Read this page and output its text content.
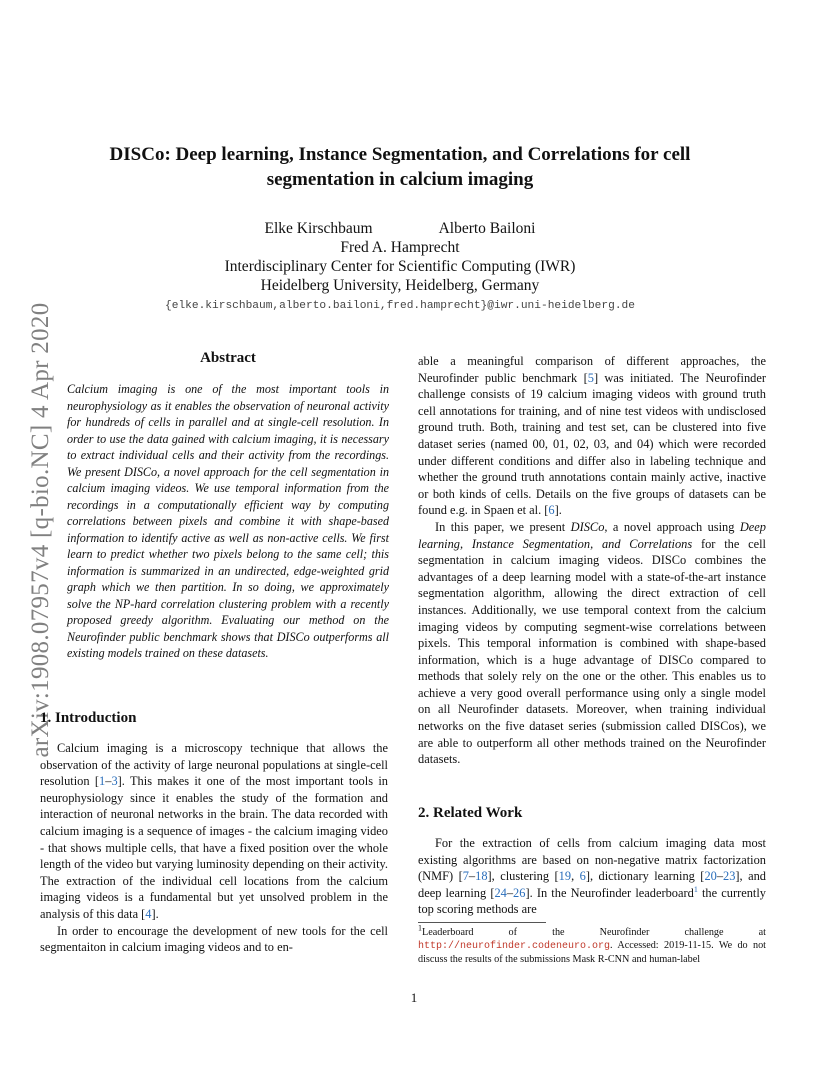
arXiv:1908.07957v4 [q-bio.NC] 4 Apr 2020
DISCo: Deep learning, Instance Segmentation, and Correlations for cell
segmentation in calcium imaging
Elke Kirschbaum	Alberto Bailoni
Fred A. Hamprecht
Interdisciplinary Center for Scientific Computing (IWR)
Heidelberg University, Heidelberg, Germany
{elke.kirschbaum,alberto.bailoni,fred.hamprecht}@iwr.uni-heidelberg.de
Abstract

Calcium imaging is one of the most important tools in neurophysiology as it enables the observation of neuronal activity for hundreds of cells in parallel and at single-cell resolution. In order to use the data gained with calcium imaging, it is necessary to extract individual cells and their activity from the recordings. We present DISCo, a novel approach for the cell segmentation in calcium imaging videos. We use temporal information from the recordings in a computationally efficient way by computing correlations between pixels and combine it with shape-based information to identify active as well as non-active cells. We first learn to predict whether two pixels belong to the same cell; this information is summarized in an undirected, edge-weighted grid graph which we then partition. In so doing, we approximately solve the NP-hard correlation clustering problem with a recently proposed greedy algorithm. Evaluating our method on the Neurofinder public benchmark shows that DISCo outperforms all existing models trained on these datasets.

1. Introduction

Calcium imaging is a microscopy technique that allows the observation of the activity of large neuronal populations at single-cell resolution [1–3]. This makes it one of the most important tools in neurophysiology since it enables the study of the formation and interaction of neuronal networks in the brain. The data recorded with calcium imaging is a sequence of images - the calcium imaging video - that shows multiple cells, that have a fixed position over the whole length of the video but varying luminosity depending on their activity. The extraction of the individual cell locations from the calcium imaging videos is a fundamental but yet unsolved problem in the analysis of this data [4].

In order to encourage the development of new tools for the cell segmentaiton in calcium imaging videos and to en-

able a meaningful comparison of different approaches, the Neurofinder public benchmark [5] was initiated. The Neurofinder challenge consists of 19 calcium imaging videos with ground truth cell annotations for training, and of nine test videos with undisclosed ground truth. Both, training and test set, can be clustered into five dataset series (named 00, 01, 02, 03, and 04) which were recorded under different conditions and differ also in labeling technique and whether the ground truth annotations contain mainly active, inactive or both kinds of cells. Details on the five groups of datasets can be found e.g. in Spaen et al. [6].

In this paper, we present DISCo, a novel approach using Deep learning, Instance Segmentation, and Correlations for the cell segmentation in calcium imaging videos. DISCo combines the advantages of a deep learning model with a state-of-the-art instance segmentation algorithm, allowing the direct extraction of cell instances. Additionally, we use temporal context from the calcium imaging videos by computing segment-wise correlations between pixels. This temporal information is combined with shape-based information, which is a huge advantage of DISCo compared to methods that solely rely on the one or the other. This enables us to achieve a very good overall performance using only a single model on all Neurofinder datasets. Moreover, when training individual networks on the five dataset series (submission called DISCos), we are able to outperform all other methods trained on the Neurofinder datasets.

2. Related Work

For the extraction of cells from calcium imaging data most existing algorithms are based on non-negative matrix factorization (NMF) [7–18], clustering [19, 6], dictionary learning [20–23], and deep learning [24–26]. In the Neurofinder leaderboard$^1$ the currently top scoring methods are

$^1$Leaderboard of the Neurofinder challenge at http://neurofinder.codeneuro.org. Accessed: 2019-11-15. We do not discuss the results of the submissions Mask R-CNN and human-label
1
